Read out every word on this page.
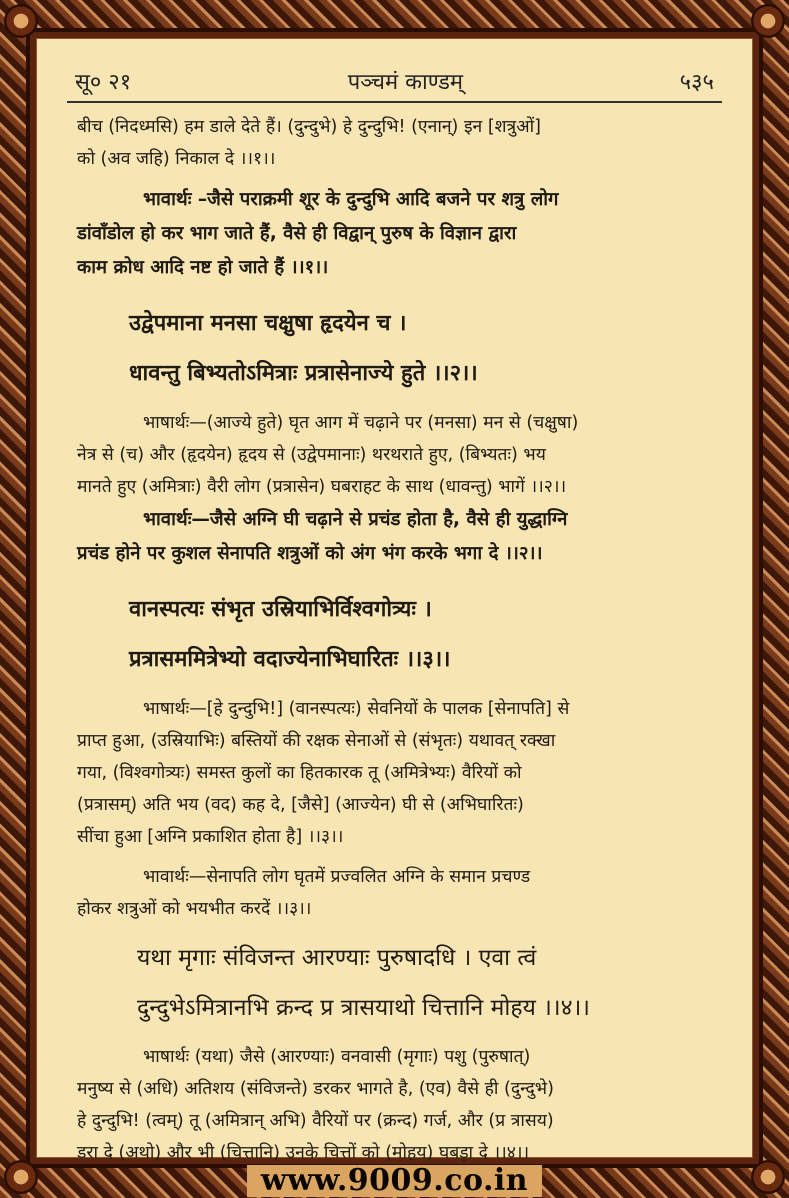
सू० २१	पञ्चमं काण्डम्	५३५

बीच (निदध्मसि) हम डाले देते हैं। (दुन्दुभे) हे दुन्दुभि! (एनान्) इन [शत्रुओं]

को (अव जहि) निकाल दे ।।१।।

भावार्थः –जैसे पराक्रमी शूर के दुन्दुभि आदि बजने पर शत्रु लोग

डांवाँडोल हो कर भाग जाते हैं, वैसे ही विद्वान् पुरुष के विज्ञान द्वारा

काम क्रोध आदि नष्ट हो जाते हैं ।।१।।

उद्वेपमाना मनसा चक्षुषा हृदयेन च ।

धावन्तु बिभ्यतोऽमित्राः प्रत्रासेनाज्ये हुते ।।२।।

भाषार्थः—(आज्ये हुते) घृत आग में चढ़ाने पर (मनसा) मन से (चक्षुषा)

नेत्र से (च) और (हृदयेन) हृदय से (उद्वेपमानाः) थरथराते हुए, (बिभ्यतः) भय

मानते हुए (अमित्राः) वैरी लोग (प्रत्रासेन) घबराहट के साथ (धावन्तु) भागें ।।२।।

भावार्थः—जैसे अग्नि घी चढ़ाने से प्रचंड होता है, वैसे ही युद्धाग्नि

प्रचंड होने पर कुशल सेनापति शत्रुओं को अंग भंग करके भगा दे ।।२।।

वानस्पत्यः संभृत उस्रियाभिर्विश्वगोत्र्यः ।

प्रत्रासममित्रेभ्यो वदाज्येनाभिघारितः ।।३।।

भाषार्थः—[हे दुन्दुभि!] (वानस्पत्यः) सेवनियों के पालक [सेनापति] से

प्राप्त हुआ, (उस्रियाभिः) बस्तियों की रक्षक सेनाओं से (संभृतः) यथावत् रक्खा

गया, (विश्वगोत्र्यः) समस्त कुलों का हितकारक तू (अमित्रेभ्यः) वैरियों को

(प्रत्रासम्) अति भय (वद) कह दे, [जैसे] (आज्येन) घी से (अभिघारितः)

सींचा हुआ [अग्नि प्रकाशित होता है] ।।३।।

भावार्थः—सेनापति लोग घृतमें प्रज्वलित अग्नि के समान प्रचण्ड

होकर शत्रुओं को भयभीत करदें ।।३।।

यथा मृगाः संविजन्त आरण्याः पुरुषादधि । एवा त्वं

दुन्दुभेऽमित्रानभि क्रन्द प्र त्रासयाथो चित्तानि मोहय ।।४।।

भाषार्थः (यथा) जैसे (आरण्याः) वनवासी (मृगाः) पशु (पुरुषात्)

मनुष्य से (अधि) अतिशय (संविजन्ते) डरकर भागते है, (एव) वैसे ही (दुन्दुभे)

हे दुन्दुभि! (त्वम्) तू (अमित्रान् अभि) वैरियों पर (क्रन्द) गर्ज, और (प्र त्रासय)

डरा दे (अथो) और भी (चित्तानि) उनके चित्तों को (मोहय) घबड़ा दे ।।४।।

www.9009.co.in
